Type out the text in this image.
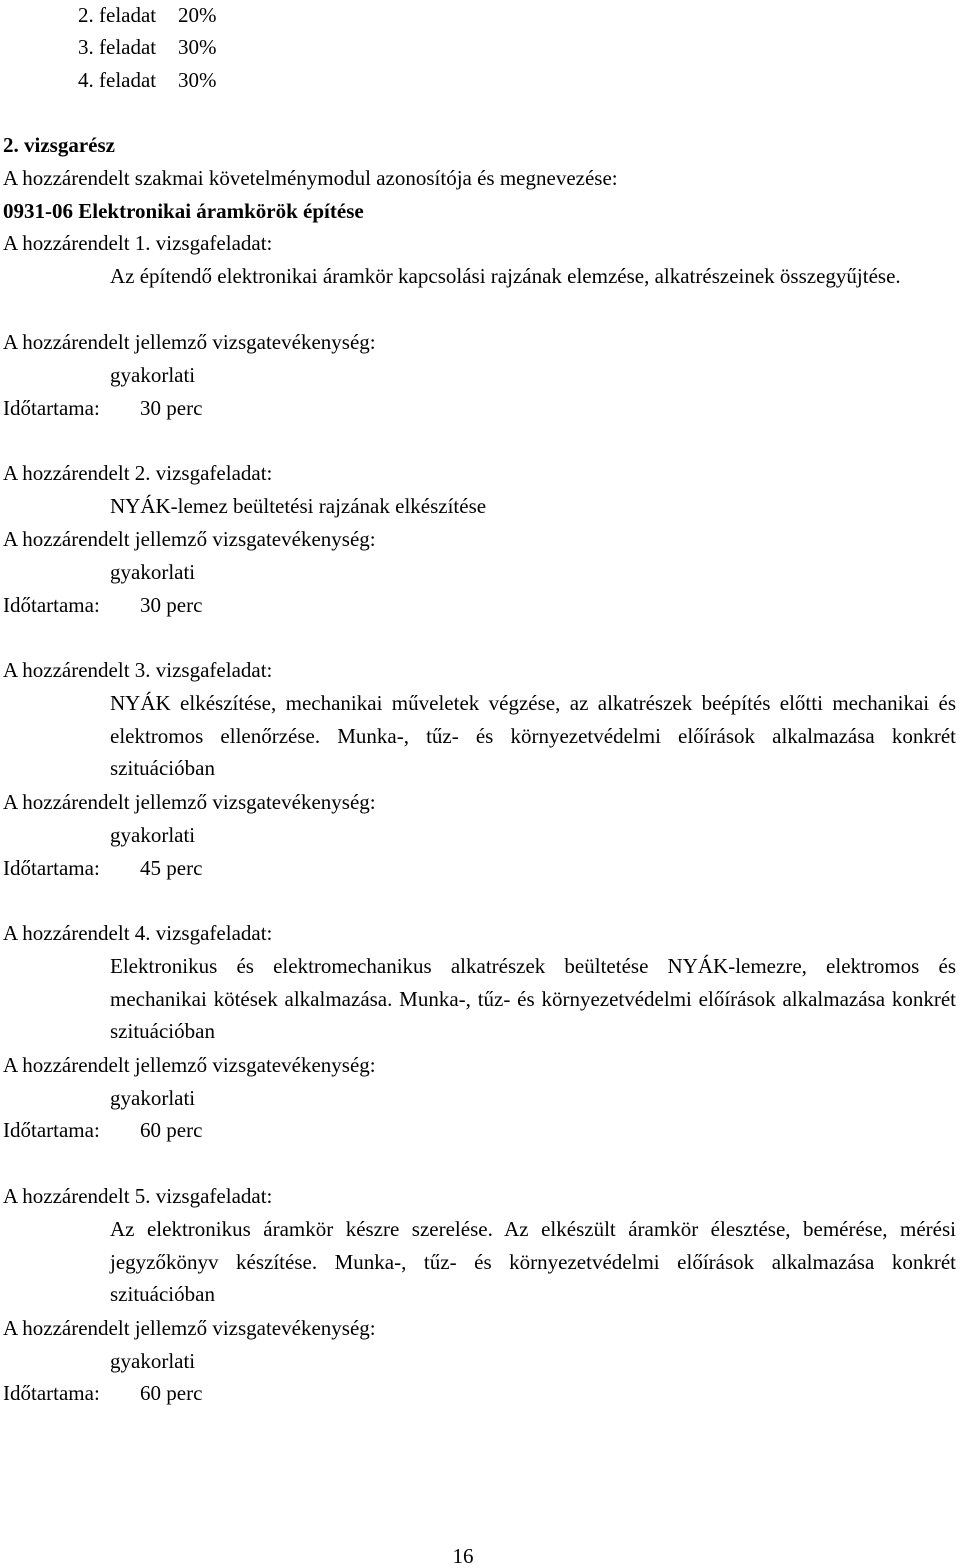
2. feladat 20%
3. feladat 30%
4. feladat 30%
2. vizsgarész
A hozzárendelt szakmai követelménymodul azonosítója és megnevezése:
0931-06 Elektronikai áramkörök építése
A hozzárendelt 1. vizsgafeladat:
Az építendő elektronikai áramkör kapcsolási rajzának elemzése, alkatrészeinek összegyűjtése.
A hozzárendelt jellemző vizsgatevékenység:
gyakorlati
Időtartama: 30 perc
A hozzárendelt 2. vizsgafeladat:
NYÁK-lemez beültetési rajzának elkészítése
A hozzárendelt jellemző vizsgatevékenység:
gyakorlati
Időtartama: 30 perc
A hozzárendelt 3. vizsgafeladat:
NYÁK elkészítése, mechanikai műveletek végzése, az alkatrészek beépítés előtti mechanikai és elektromos ellenőrzése. Munka-, tűz- és környezetvédelmi előírások alkalmazása konkrét szituációban
A hozzárendelt jellemző vizsgatevékenység:
gyakorlati
Időtartama: 45 perc
A hozzárendelt 4. vizsgafeladat:
Elektronikus és elektromechanikus alkatrészek beültetése NYÁK-lemezre, elektromos és mechanikai kötések alkalmazása. Munka-, tűz- és környezetvédelmi előírások alkalmazása konkrét szituációban
A hozzárendelt jellemző vizsgatevékenység:
gyakorlati
Időtartama: 60 perc
A hozzárendelt 5. vizsgafeladat:
Az elektronikus áramkör készre szerelése. Az elkészült áramkör élesztése, bemérése, mérési jegyzőkönyv készítése. Munka-, tűz- és környezetvédelmi előírások alkalmazása konkrét szituációban
A hozzárendelt jellemző vizsgatevékenység:
gyakorlati
Időtartama: 60 perc
16
